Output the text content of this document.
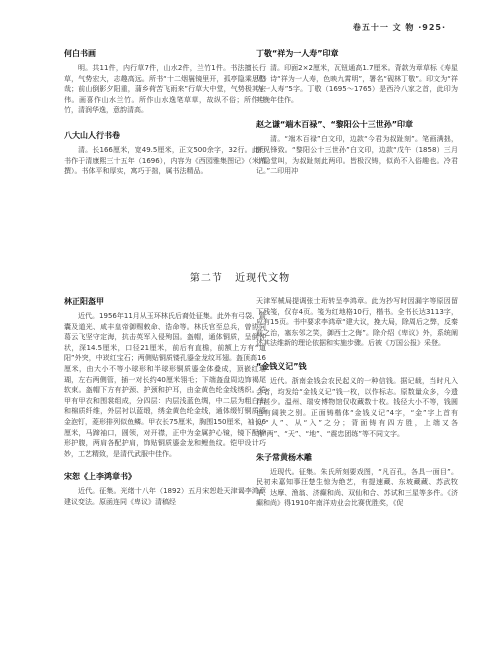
卷五十一 文 物 ·925·
何白书画

明。共11件，内行草7件，山水2件，兰竹1件。书法擅长行草，气势宏大，志趣高远。所书“十二烟鬟镜里开，孤亭隐乘思悠哉；前山倒影夕阳重，蒲乡荷苦飞雨来”行草大中堂，气势极其宏伟。画喜作山水兰竹。所作山水逸笔草草，故纵不俗；所作兰竹，清润华逸，意韵清高。

八大山人行书卷

清。长166厘米，宽49.5厘米，正文500余字，32行。此行书作于清康熙三十五年（1696），内容为《西园雅集图记》（米芾撰）。书体平和厚实，寓巧于拙，属书法精品。

丁敬“祥为一人寿”印章

清。印面2×2厘米，瓦钮通高1.7厘米。背款为章草标《寿星见》诗“祥为一人寿，色映九霄明”，署名“砚林丁敬”。印文为“祥为一人寿”5字。丁敬（1695～1765）是西泠八家之首，此印为其晚年佳作。

赵之谦“端木百禄”、“黎阳公十三世孙”印章

清。“端木百禄”白文印，边款“今君为叔趾刻”。笔画满拙，颇见锋致。“黎阳公十三世孙”白文印，边款“戊午（1858）三月小隐堂叫，为叔趾刻此两印。皆极汉铸，似尚不入俗趣也。冷君记。”二印用冲

第二节 近现代文物
林正阳盔甲

近代。1956年11月从玉环林氏后裔处征集。此外有弓袋、箭囊及道光、咸丰皇帝御赐敕命、诰命等。林氏官至总兵，曾协同葛云飞坚守定海，抗击英军入侵殉国。盔帽，通体铜质，呈倒钟状，深14.5厘米，口径21厘米，前后有直檐，前额上方有“道阳”外突，中崁红宝石；两侧贴铜质镂孔鎏金龙纹耳翅。盔顶高16厘米，由大小不等小球形和半球形铜质鎏金体叠成，顶嵌红珊瑚，左右两侧管，插一对长约40厘米翎毛；下端盔盘周边饰褐尾软束。盔帽下方有护颈、护颈和护耳，由金黄色纶金线绣织。铠甲有甲衣和围裳组成，分四层：内层浅蓝色绸，中二层为粗白布和棉质纤维，外层衬以蓝缎，绣金黄色纶金线，通体缀钉铜质鎏金泡钉，菱形排列似鱼鳞。甲衣长75厘米，胸围150厘米，袖长6厘米，马蹄袖口，圆领，对开襟，正中为金属护心镜，镜下配棉形护腹，两肩各配护肩，饰贴铜质鎏金龙和鲤鱼纹。铠甲设计巧妙，工艺精致，是清代武服中佳作。

宋恕《上李鸿章书》

近代。征集。光绪十八年（1892）五月宋恕赴天津谒李鸿章建议变法。原函连同《卑议》清稿经

天津军械局提调张士珩转呈李鸿章。此为抄写时因漏字等原因留下残笺，仅存4页。笺为红地格10行，楷书。全书长达3113字，应有15页。书中要求李鸿章“建大议，挽大局，除周后之弊，反秦前之治，塞东邻之笑，御西士之侮”。除介绍《卑议》外，系统阐述其法维新的理论依据和实施步骤。后被《万国公报》采登。

“金钱义记”钱

近代。浙南金钱会农民起义的一种信钱。据记载，当时凡入会者，均发给“金钱义记”钱一枚，以作标志。原数量众多，今遗存甚少。温州、瑞安博物馆仅收藏数十枚。钱径大小不等，钱圆也有阔狭之别。正面铸楷体“金钱义记”4字，“金”字上首有从“人”、从“入”之分；背面铸有四方胜，上端又各有“两”、“天”、“地”、“震忠团练”等不同文字。

朱子常黄杨木雕

近现代。征集。朱氏所刻要戏图，“凡百孔，各具一面目”。民初未嘉知事汪楚生惊为绝艺，有提速藏、东坡藏藏、苏武牧羊、达摩、渔翁、济癫和尚、双仙和合、苏试和三星等多件。《济癫和尚》得1910年南洋劝业会比赛优胜奖，《促
